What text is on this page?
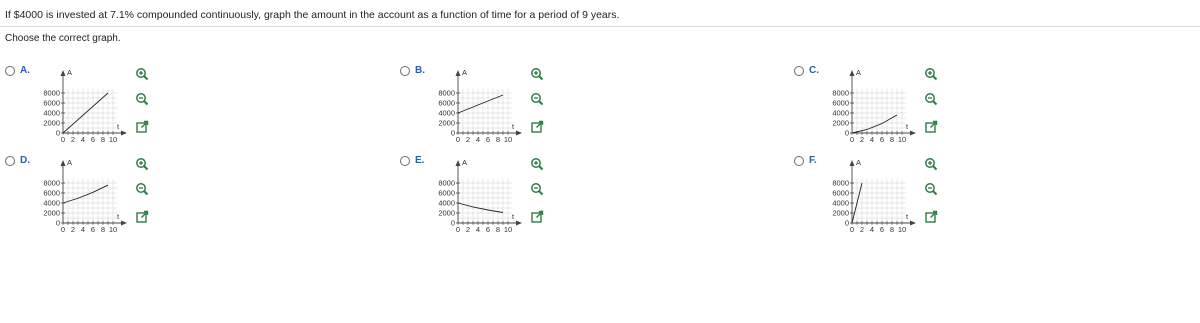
If $4000 is invested at 7.1% compounded continuously, graph the amount in the account as a function of time for a period of 9 years.
Choose the correct graph.
A.	A
t
8000
6000
4000
2000
0
0 2 4 6 8 10
B.	A
t
8000
6000
4000
2000
0
0 2 4 6 8 10
C.	A
t
8000
6000
4000
2000
0
0 2 4 6 8 10
D.	A
t
8000
6000
4000
2000
0
0 2 4 6 8 10
E.	A
t
8000
6000
4000
2000
0
0 2 4 6 8 10
F.	A
t
8000
6000
4000
2000
0
0 2 4 6 8 10
